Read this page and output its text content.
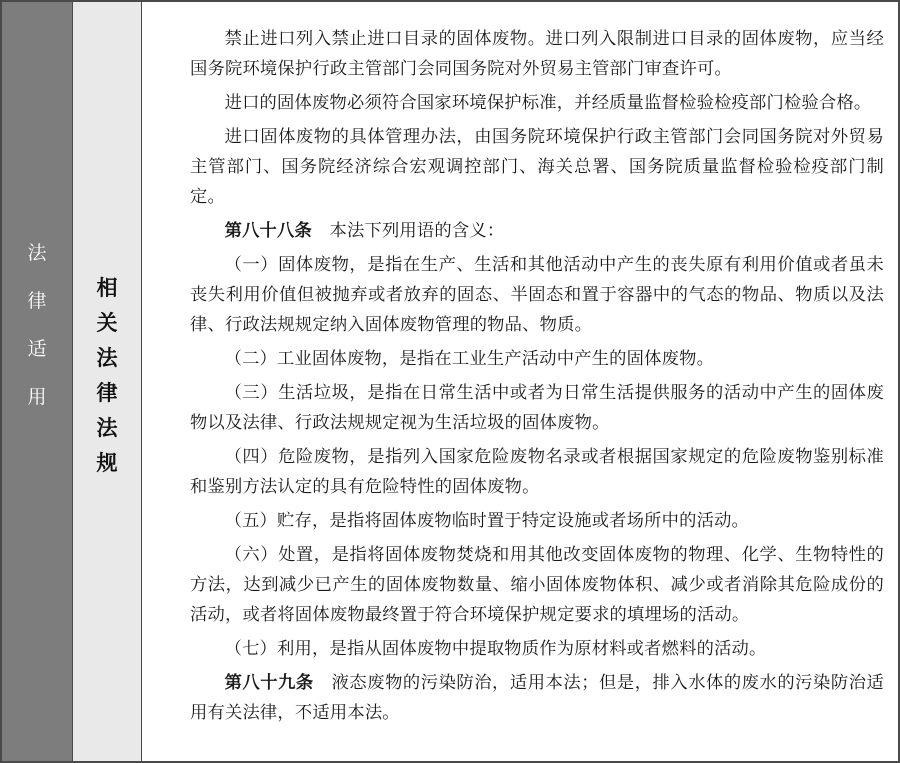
法
律
适
用
相
关
法
律
法
规

禁止进口列入禁止进口目录的固体废物。进口列入限制进口目录的固体废物，应当经国务院环境保护行政主管部门会同国务院对外贸易主管部门审查许可。

进口的固体废物必须符合国家环境保护标准，并经质量监督检验检疫部门检验合格。

进口固体废物的具体管理办法，由国务院环境保护行政主管部门会同国务院对外贸易主管部门、国务院经济综合宏观调控部门、海关总署、国务院质量监督检验检疫部门制定。

第八十八条　本法下列用语的含义：

（一）固体废物，是指在生产、生活和其他活动中产生的丧失原有利用价值或者虽未丧失利用价值但被抛弃或者放弃的固态、半固态和置于容器中的气态的物品、物质以及法律、行政法规规定纳入固体废物管理的物品、物质。

（二）工业固体废物，是指在工业生产活动中产生的固体废物。

（三）生活垃圾，是指在日常生活中或者为日常生活提供服务的活动中产生的固体废物以及法律、行政法规规定视为生活垃圾的固体废物。

（四）危险废物，是指列入国家危险废物名录或者根据国家规定的危险废物鉴别标准和鉴别方法认定的具有危险特性的固体废物。

（五）贮存，是指将固体废物临时置于特定设施或者场所中的活动。

（六）处置，是指将固体废物焚烧和用其他改变固体废物的物理、化学、生物特性的方法，达到减少已产生的固体废物数量、缩小固体废物体积、减少或者消除其危险成份的活动，或者将固体废物最终置于符合环境保护规定要求的填埋场的活动。

（七）利用，是指从固体废物中提取物质作为原材料或者燃料的活动。

第八十九条　液态废物的污染防治，适用本法；但是，排入水体的废水的污染防治适用有关法律，不适用本法。
